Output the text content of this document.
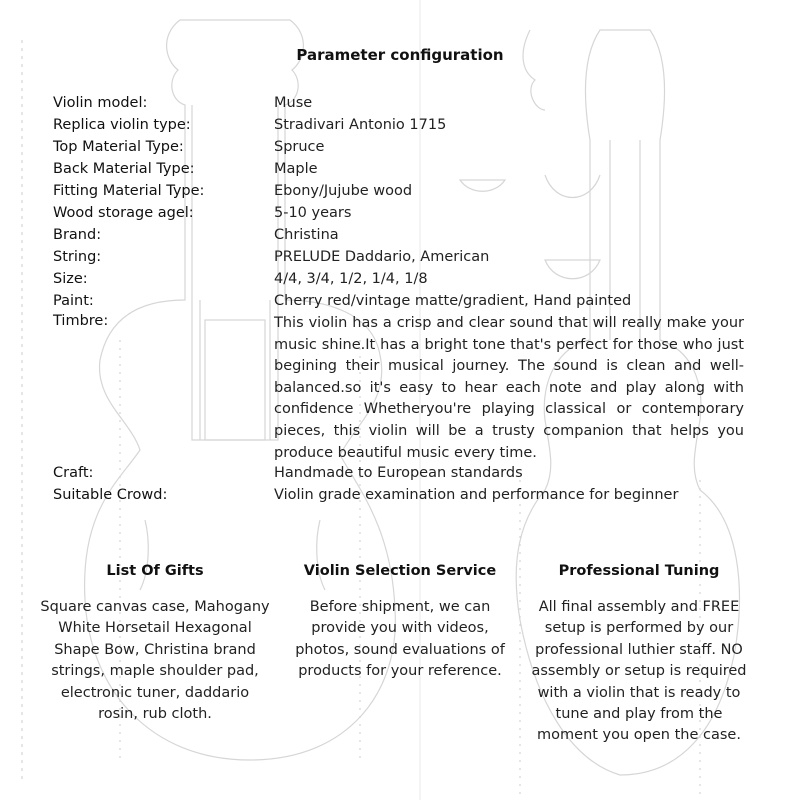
Parameter configuration
Violin model:	Muse
Replica violin type:	Stradivari Antonio 1715
Top Material Type:	Spruce
Back Material Type:	Maple
Fitting Material Type:	Ebony/Jujube wood
Wood storage agel:	5-10 years
Brand:	Christina
String:	PRELUDE Daddario, American
Size:	4/4, 3/4, 1/2, 1/4, 1/8
Paint:	Cherry red/vintage matte/gradient, Hand painted
Timbre:	This violin has a crisp and clear sound that will really make your music shine.It has a bright tone that's perfect for those who just begining their musical journey. The sound is clean and well-balanced.so it's easy to hear each note and play along with confidence Whetheryou're playing classical or contemporary pieces, this violin will be a trusty companion that helps you produce beautiful music every time.
Craft:	Handmade to European standards
Suitable Crowd:	Violin grade examination and performance for beginner
List Of Gifts

Square canvas case, Mahogany White Horsetail Hexagonal Shape Bow, Christina brand strings, maple shoulder pad, electronic tuner, daddario rosin, rub cloth.

Violin Selection Service

Before shipment, we can provide you with videos, photos, sound evaluations of products for your reference.

Professional Tuning

All final assembly and FREE setup is performed by our professional luthier staff. NO assembly or setup is required with a violin that is ready to tune and play from the moment you open the case.
